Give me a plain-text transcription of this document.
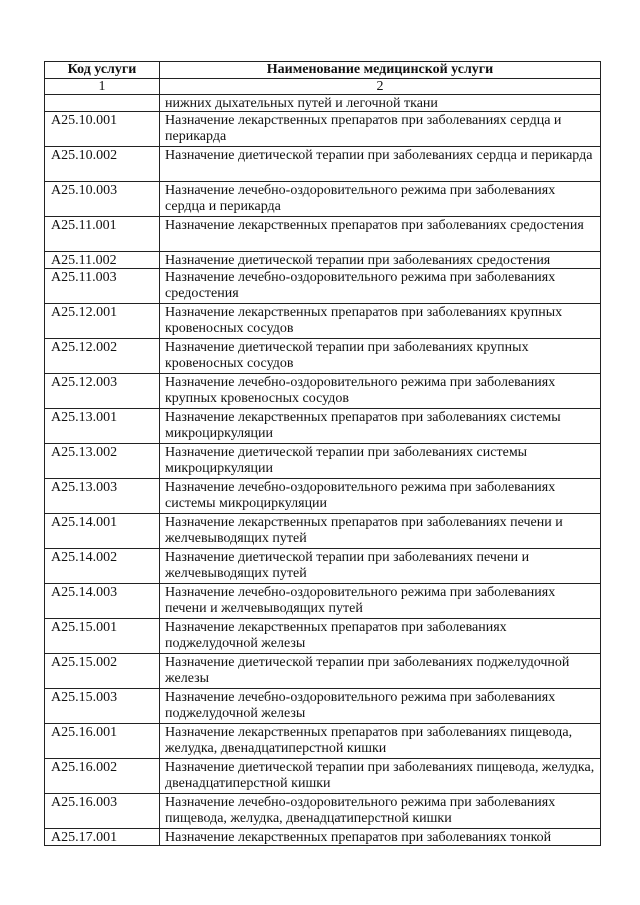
Код услуги	Наименование медицинской услуги
1	2
	нижних дыхательных путей и легочной ткани
A25.10.001	Назначение лекарственных препаратов при заболеваниях сердца и перикарда
A25.10.002	Назначение диетической терапии при заболеваниях сердца и перикарда
A25.10.003	Назначение лечебно-оздоровительного режима при заболеваниях сердца и перикарда
A25.11.001	Назначение лекарственных препаратов при заболеваниях средостения
A25.11.002	Назначение диетической терапии при заболеваниях средостения
A25.11.003	Назначение лечебно-оздоровительного режима при заболеваниях средостения
A25.12.001	Назначение лекарственных препаратов при заболеваниях крупных кровеносных сосудов
A25.12.002	Назначение диетической терапии при заболеваниях крупных кровеносных сосудов
A25.12.003	Назначение лечебно-оздоровительного режима при заболеваниях крупных кровеносных сосудов
A25.13.001	Назначение лекарственных препаратов при заболеваниях системы микроциркуляции
A25.13.002	Назначение диетической терапии при заболеваниях системы микроциркуляции
A25.13.003	Назначение лечебно-оздоровительного режима при заболеваниях системы микроциркуляции
A25.14.001	Назначение лекарственных препаратов при заболеваниях печени и желчевыводящих путей
A25.14.002	Назначение диетической терапии при заболеваниях печени и желчевыводящих путей
A25.14.003	Назначение лечебно-оздоровительного режима при заболеваниях печени и желчевыводящих путей
A25.15.001	Назначение лекарственных препаратов при заболеваниях поджелудочной железы
A25.15.002	Назначение диетической терапии при заболеваниях поджелудочной железы
A25.15.003	Назначение лечебно-оздоровительного режима при заболеваниях поджелудочной железы
A25.16.001	Назначение лекарственных препаратов при заболеваниях пищевода, желудка, двенадцатиперстной кишки
A25.16.002	Назначение диетической терапии при заболеваниях пищевода, желудка, двенадцатиперстной кишки
A25.16.003	Назначение лечебно-оздоровительного режима при заболеваниях пищевода, желудка, двенадцатиперстной кишки
A25.17.001	Назначение лекарственных препаратов при заболеваниях тонкой
